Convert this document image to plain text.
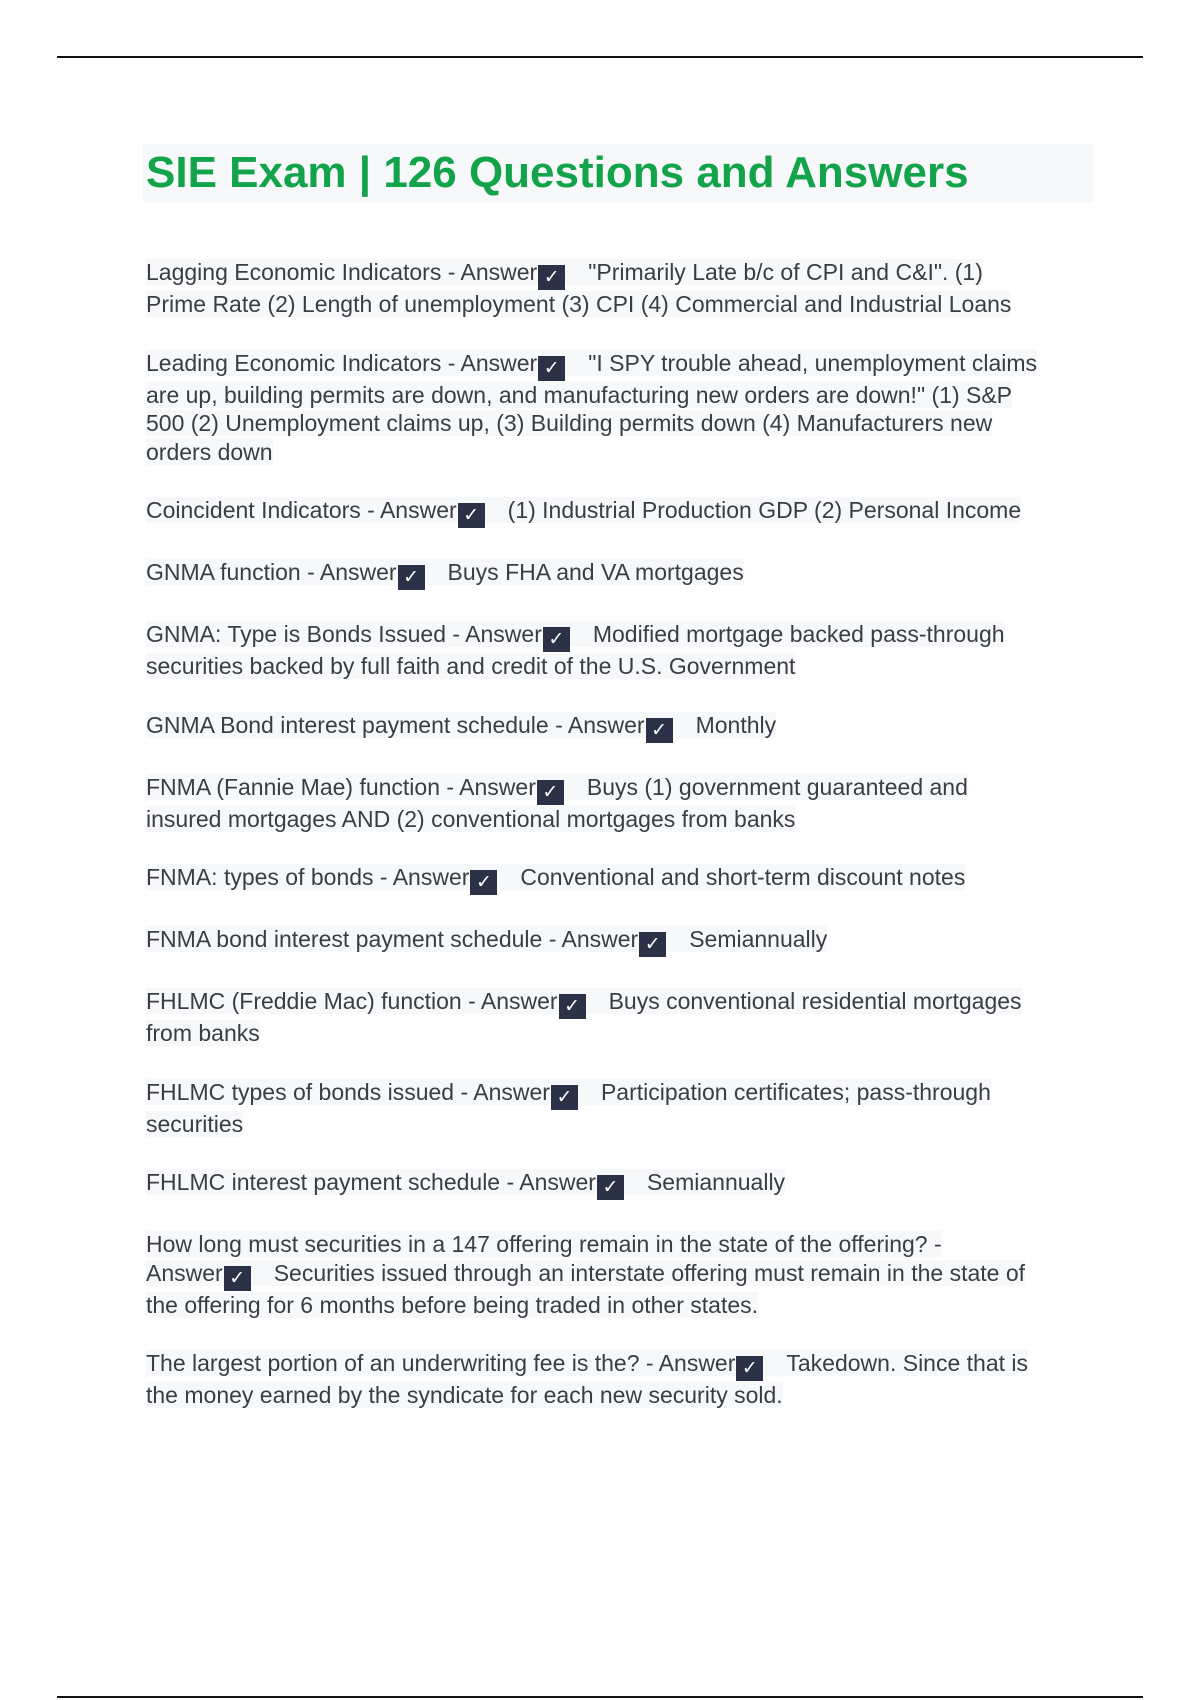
SIE Exam | 126 Questions and Answers
Lagging Economic Indicators - Answer ✓ "Primarily Late b/c of CPI and C&I". (1)
Prime Rate (2) Length of unemployment (3) CPI (4) Commercial and Industrial Loans
Leading Economic Indicators - Answer ✓ "I SPY trouble ahead, unemployment claims
are up, building permits are down, and manufacturing new orders are down!" (1) S&P
500 (2) Unemployment claims up, (3) Building permits down (4) Manufacturers new
orders down
Coincident Indicators - Answer ✓ (1) Industrial Production GDP (2) Personal Income
GNMA function - Answer ✓ Buys FHA and VA mortgages
GNMA: Type is Bonds Issued - Answer ✓ Modified mortgage backed pass-through
securities backed by full faith and credit of the U.S. Government
GNMA Bond interest payment schedule - Answer ✓ Monthly
FNMA (Fannie Mae) function - Answer ✓ Buys (1) government guaranteed and
insured mortgages AND (2) conventional mortgages from banks
FNMA: types of bonds - Answer ✓ Conventional and short-term discount notes
FNMA bond interest payment schedule - Answer ✓ Semiannually
FHLMC (Freddie Mac) function - Answer ✓ Buys conventional residential mortgages
from banks
FHLMC types of bonds issued - Answer ✓ Participation certificates; pass-through
securities
FHLMC interest payment schedule - Answer ✓ Semiannually
How long must securities in a 147 offering remain in the state of the offering? -
Answer ✓ Securities issued through an interstate offering must remain in the state of
the offering for 6 months before being traded in other states.
The largest portion of an underwriting fee is the? - Answer ✓ Takedown. Since that is
the money earned by the syndicate for each new security sold.
